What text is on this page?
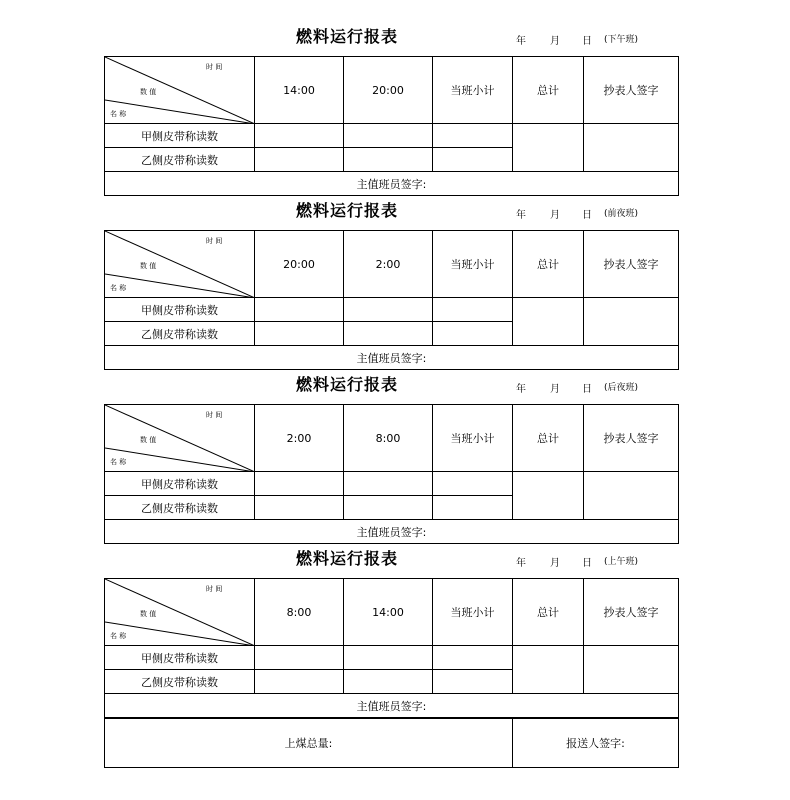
燃料运行报表	年 月 日 (下午班)
时 间
数 值
名 称	14:00	20:00	当班小计	总计	抄表人签字
甲侧皮带称读数					
乙侧皮带称读数					
主值班员签字:					
燃料运行报表	年 月 日 (前夜班)
时 间
数 值
名 称	20:00	2:00	当班小计	总计	抄表人签字
甲侧皮带称读数					
乙侧皮带称读数					
主值班员签字:					
燃料运行报表	年 月 日 (后夜班)
时 间
数 值
名 称	2:00	8:00	当班小计	总计	抄表人签字
甲侧皮带称读数					
乙侧皮带称读数					
主值班员签字:					
燃料运行报表	年 月 日 (上午班)
时 间
数 值
名 称	8:00	14:00	当班小计	总计	抄表人签字
甲侧皮带称读数					
乙侧皮带称读数					
主值班员签字:					
上煤总量:	报送人签字:
